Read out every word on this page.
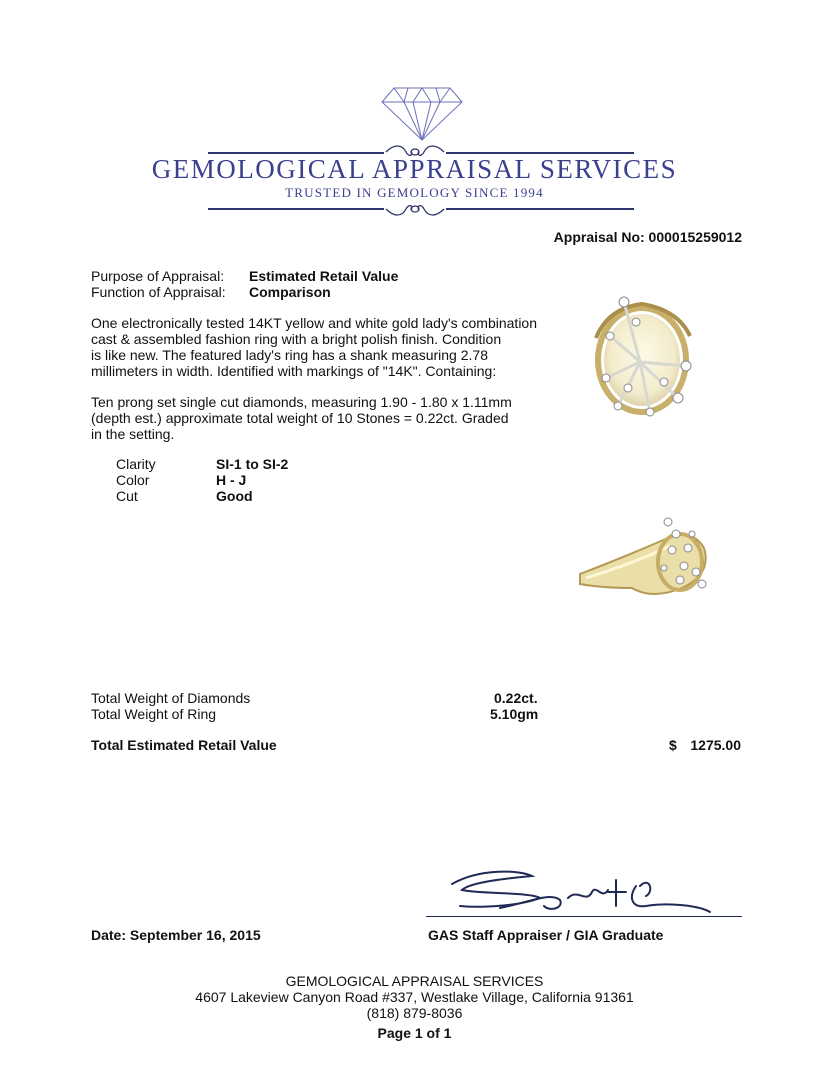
GEMOLOGICAL APPRAISAL SERVICES
TRUSTED IN GEMOLOGY SINCE 1994
Appraisal No: 000015259012
Purpose of Appraisal: Estimated Retail Value
Function of Appraisal: Comparison

One electronically tested 14KT yellow and white gold lady's combination

cast & assembled fashion ring with a bright polish finish. Condition

is like new. The featured lady's ring has a shank measuring 2.78

millimeters in width. Identified with markings of "14K". Containing:

Ten prong set single cut diamonds, measuring 1.90 - 1.80 x 1.11mm
(depth est.) approximate total weight of 10 Stones = 0.22ct. Graded
in the setting.
Clarity	SI-1 to SI-2
Color	H - J
Cut	Good
Total Weight of Diamonds	0.22ct.
Total Weight of Ring	5.10gm
Total Estimated Retail Value	$ 1275.00
Date: September 16, 2015	GAS Staff Appraiser / GIA Graduate
GEMOLOGICAL APPRAISAL SERVICES
4607 Lakeview Canyon Road #337, Westlake Village, California 91361
(818) 879-8036
Page 1 of 1
